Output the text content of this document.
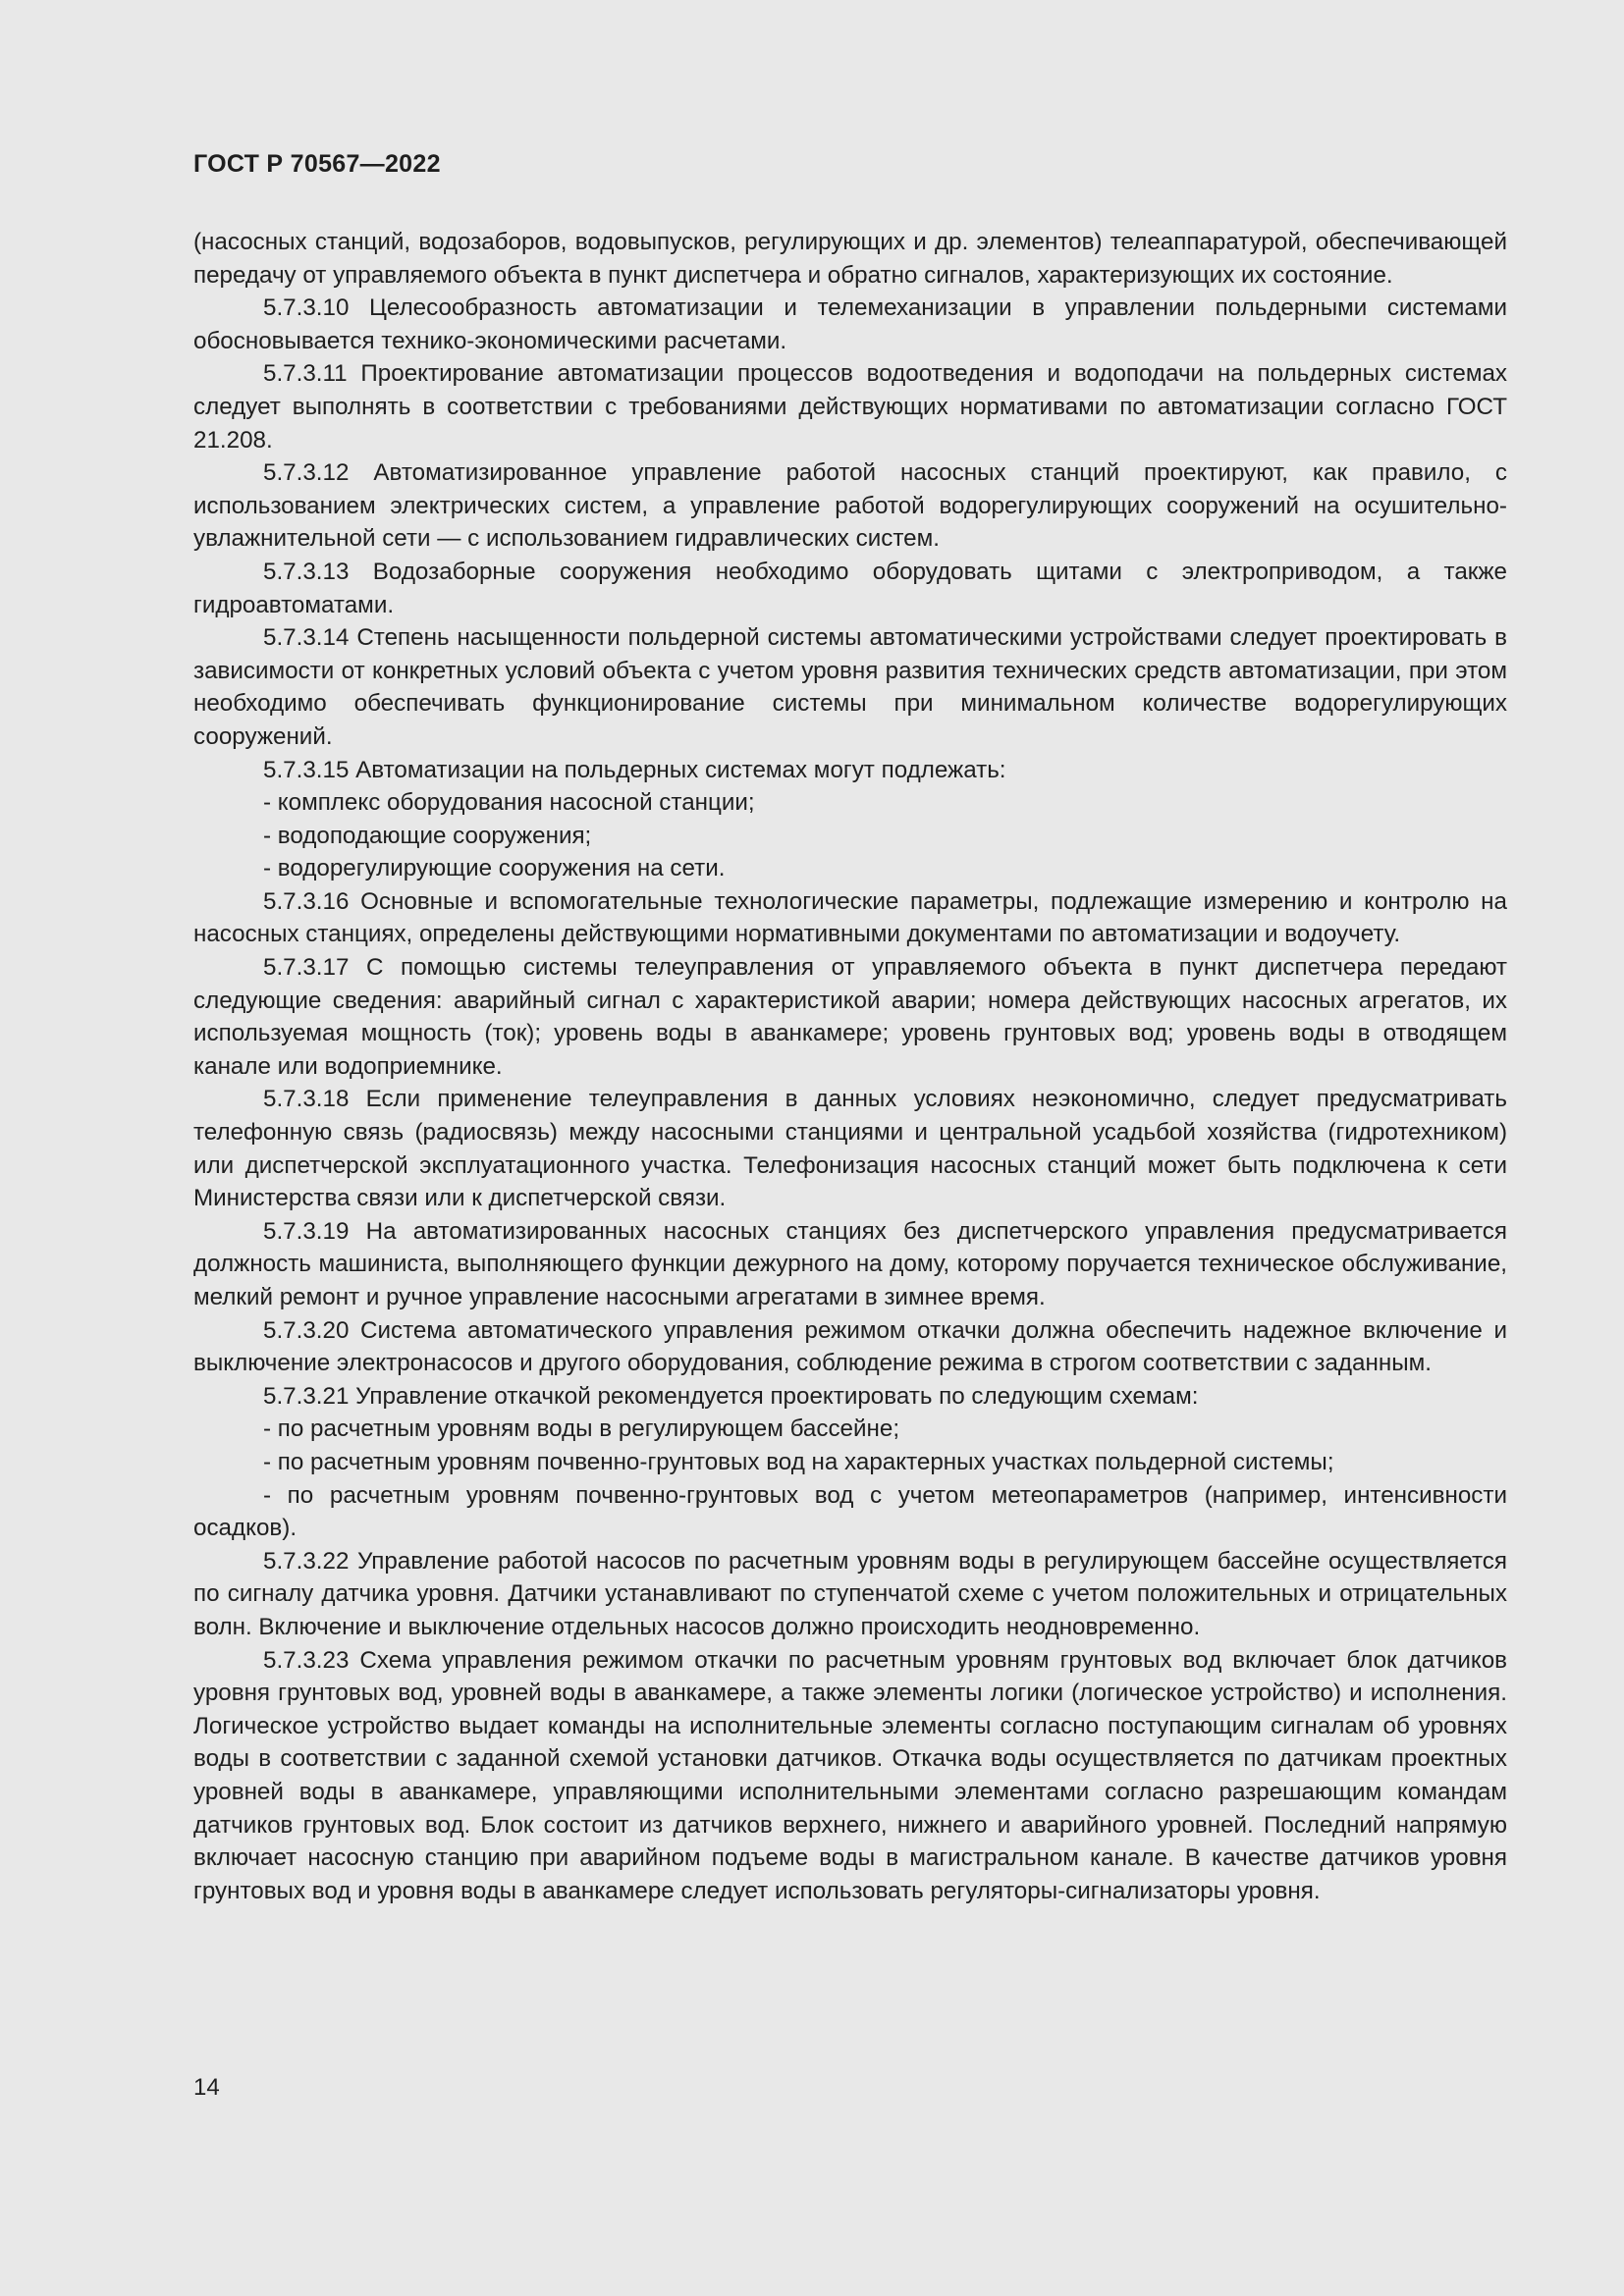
ГОСТ Р 70567—2022

(насосных станций, водозаборов, водовыпусков, регулирующих и др. элементов) телеаппаратурой, обеспечивающей передачу от управляемого объекта в пункт диспетчера и обратно сигналов, характеризующих их состояние.

5.7.3.10 Целесообразность автоматизации и телемеханизации в управлении польдерными системами обосновывается технико-экономическими расчетами.

5.7.3.11 Проектирование автоматизации процессов водоотведения и водоподачи на польдерных системах следует выполнять в соответствии с требованиями действующих нормативами по автоматизации согласно ГОСТ 21.208.

5.7.3.12 Автоматизированное управление работой насосных станций проектируют, как правило, с использованием электрических систем, а управление работой водорегулирующих сооружений на осушительно-увлажнительной сети — с использованием гидравлических систем.

5.7.3.13 Водозаборные сооружения необходимо оборудовать щитами с электроприводом, а также гидроавтоматами.

5.7.3.14 Степень насыщенности польдерной системы автоматическими устройствами следует проектировать в зависимости от конкретных условий объекта с учетом уровня развития технических средств автоматизации, при этом необходимо обеспечивать функционирование системы при минимальном количестве водорегулирующих сооружений.

5.7.3.15 Автоматизации на польдерных системах могут подлежать:

- комплекс оборудования насосной станции;

- водоподающие сооружения;

- водорегулирующие сооружения на сети.

5.7.3.16 Основные и вспомогательные технологические параметры, подлежащие измерению и контролю на насосных станциях, определены действующими нормативными документами по автоматизации и водоучету.

5.7.3.17 С помощью системы телеуправления от управляемого объекта в пункт диспетчера передают следующие сведения: аварийный сигнал с характеристикой аварии; номера действующих насосных агрегатов, их используемая мощность (ток); уровень воды в аванкамере; уровень грунтовых вод; уровень воды в отводящем канале или водоприемнике.

5.7.3.18 Если применение телеуправления в данных условиях неэкономично, следует предусматривать телефонную связь (радиосвязь) между насосными станциями и центральной усадьбой хозяйства (гидротехником) или диспетчерской эксплуатационного участка. Телефонизация насосных станций может быть подключена к сети Министерства связи или к диспетчерской связи.

5.7.3.19 На автоматизированных насосных станциях без диспетчерского управления предусматривается должность машиниста, выполняющего функции дежурного на дому, которому поручается техническое обслуживание, мелкий ремонт и ручное управление насосными агрегатами в зимнее время.

5.7.3.20 Система автоматического управления режимом откачки должна обеспечить надежное включение и выключение электронасосов и другого оборудования, соблюдение режима в строгом соответствии с заданным.

5.7.3.21 Управление откачкой рекомендуется проектировать по следующим схемам:

- по расчетным уровням воды в регулирующем бассейне;

- по расчетным уровням почвенно-грунтовых вод на характерных участках польдерной системы;

- по расчетным уровням почвенно-грунтовых вод с учетом метеопараметров (например, интенсивности осадков).

5.7.3.22 Управление работой насосов по расчетным уровням воды в регулирующем бассейне осуществляется по сигналу датчика уровня. Датчики устанавливают по ступенчатой схеме с учетом положительных и отрицательных волн. Включение и выключение отдельных насосов должно происходить неодновременно.

5.7.3.23 Схема управления режимом откачки по расчетным уровням грунтовых вод включает блок датчиков уровня грунтовых вод, уровней воды в аванкамере, а также элементы логики (логическое устройство) и исполнения. Логическое устройство выдает команды на исполнительные элементы согласно поступающим сигналам об уровнях воды в соответствии с заданной схемой установки датчиков. Откачка воды осуществляется по датчикам проектных уровней воды в аванкамере, управляющими исполнительными элементами согласно разрешающим командам датчиков грунтовых вод. Блок состоит из датчиков верхнего, нижнего и аварийного уровней. Последний напрямую включает насосную станцию при аварийном подъеме воды в магистральном канале. В качестве датчиков уровня грунтовых вод и уровня воды в аванкамере следует использовать регуляторы-сигнализаторы уровня.

14
